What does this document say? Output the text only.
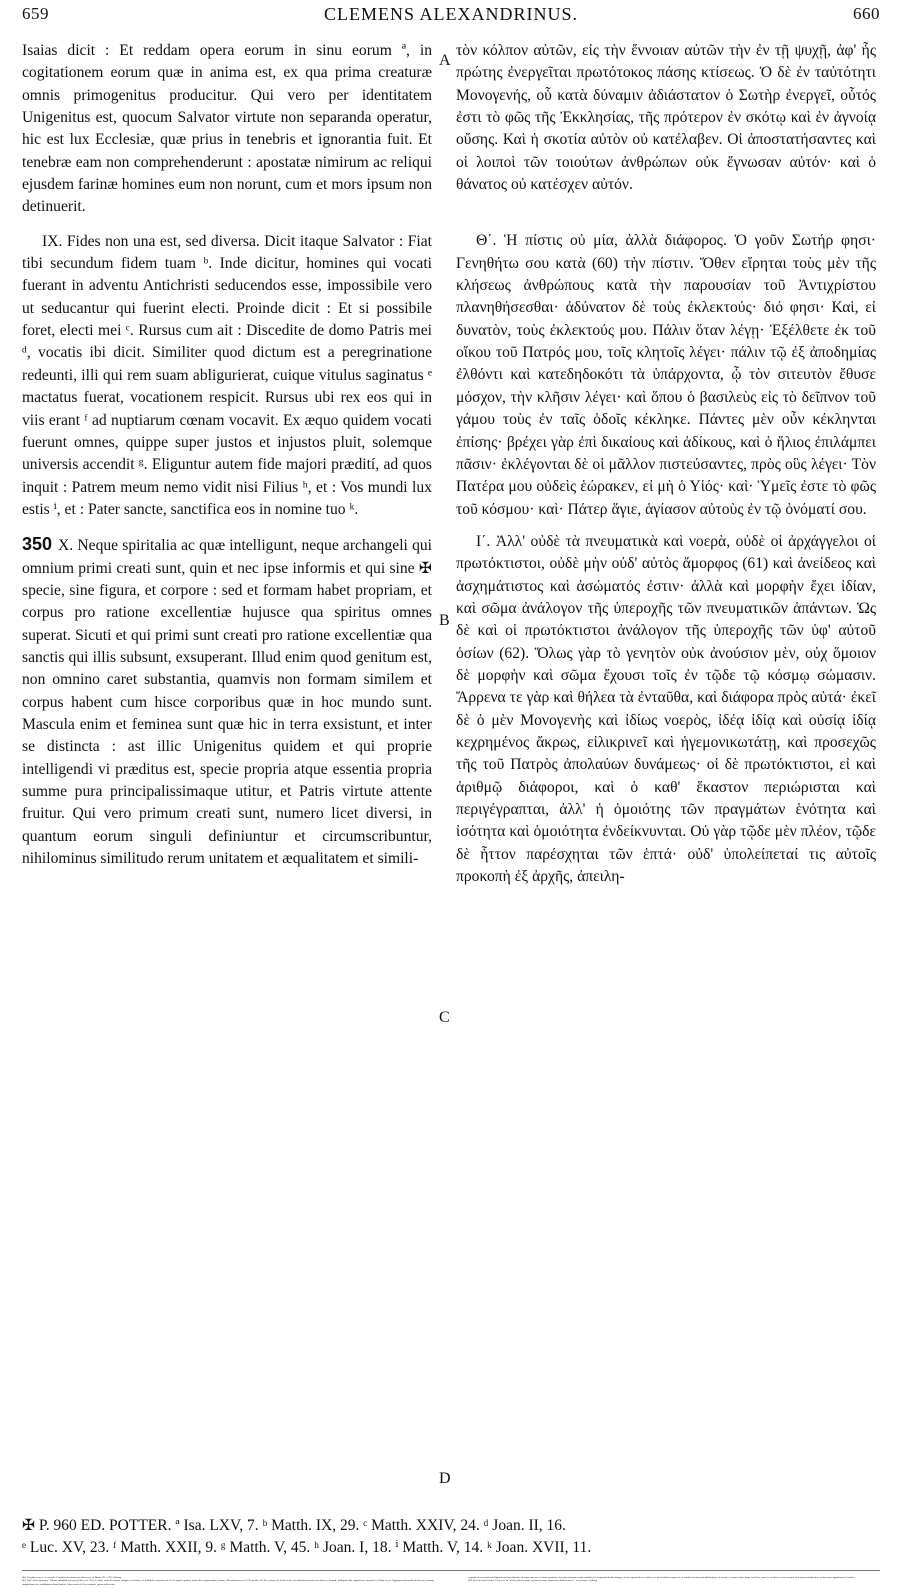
659	CLEMENS ALEXANDRINUS.	660

Isaias dicit : Et reddam opera eorum in sinu eorum ª, in cogitationem eorum quæ in anima est, ex qua prima creaturæ omnis primogenitus producitur. Qui vero per identitatem Unigenitus est, quocum Salvator virtute non separanda operatur, hic est lux Ecclesiæ, quæ prius in tenebris et ignorantia fuit. Et tenebræ eam non comprehenderunt : apostatæ nimirum ac reliqui ejusdem farinæ homines eum non norunt, cum et mors ipsum non detinuerit.

IX. Fides non una est, sed diversa. Dicit itaque Salvator : Fiat tibi secundum fidem tuam ᵇ. Inde dicitur, homines qui vocati fuerant in adventu Antichristi seducendos esse, impossibile vero ut seducantur qui fuerint electi. Proinde dicit : Et si possibile foret, electi mei ᶜ. Rursus cum ait : Discedite de domo Patris mei ᵈ, vocatis ibi dicit. Similiter quod dictum est a peregrinatione redeunti, illi qui rem suam abligurierat, cuique vitulus saginatus ᵉ mactatus fuerat, vocationem respicit. Rursus ubi rex eos qui in viis erant ᶠ ad nuptiarum cœnam vocavit. Ex æquo quidem vocati fuerunt omnes, quippe super justos et injustos pluit, solemque universis accendit ᵍ. Eliguntur autem fide majori prædití, ad quos inquit : Patrem meum nemo vidit nisi Filius ʰ, et : Vos mundi lux estis ⁱ, et : Pater sancte, sanctifica eos in nomine tuo ᵏ.

350 X. Neque spiritalia ac quæ intelligunt, neque archangeli qui omnium primi creati sunt, quin et nec ipse informis et qui sine ✠ specie, sine figura, et corpore : sed et formam habet propriam, et corpus pro ratione excellentiæ hujusce qua spiritus omnes superat. Sicuti et qui primi sunt creati pro ratione excellentiæ qua sanctis qui illis subsunt, exsuperant. Illud enim quod genitum est, non omnino caret substantia, quamvis non formam similem et corpus habent cum hisce corporibus quæ in hoc mundo sunt. Mascula enim et feminea sunt quæ hic in terra exsistunt, et inter se distincta : ast illic Unigenitus quidem et qui proprie intelligendi vi præditus est, specie propria atque essentia propria summe pura principalissimaque utitur, et Patris virtute attente fruitur. Qui vero primum creati sunt, numero licet diversi, in quantum eorum singuli definiuntur et circumscribuntur, nihilominus similitudo rerum unitatem et æqualitatem et simili-

A
B
C
D

τὸν κόλπον αὐτῶν, εἰς τὴν ἔννοιαν αὐτῶν τὴν ἐν τῇ ψυχῇ, ἀφ' ἧς πρώτης ἐνεργεῖται πρωτότοκος πάσης κτίσεως. Ὁ δὲ ἐν ταὐτότητι Μονογενής, οὗ κατὰ δύναμιν ἀδιάστατον ὁ Σωτὴρ ἐνεργεῖ, οὗτός ἐστι τὸ φῶς τῆς Ἐκκλησίας, τῆς πρότερον ἐν σκότῳ καὶ ἐν ἀγνοίᾳ οὔσης. Καὶ ἡ σκοτία αὐτὸν οὐ κατέλαβεν. Οἱ ἀποστατήσαντες καὶ οἱ λοιποὶ τῶν τοιούτων ἀνθρώπων οὐκ ἔγνωσαν αὐτόν· καὶ ὁ θάνατος οὐ κατέσχεν αὐτόν.

Θ΄. Ἡ πίστις οὐ μία, ἀλλὰ διάφορος. Ὁ γοῦν Σωτήρ φησι· Γενηθήτω σου κατὰ (60) τὴν πίστιν. Ὅθεν εἴρηται τοὺς μὲν τῆς κλήσεως ἀνθρώπους κατὰ τὴν παρουσίαν τοῦ Ἀντιχρίστου πλανηθήσεσθαι· ἀδύνατον δὲ τοὺς ἐκλεκτούς· διό φησι· Καὶ, εἰ δυνατὸν, τοὺς ἐκλεκτούς μου. Πάλιν ὅταν λέγῃ· Ἐξέλθετε ἐκ τοῦ οἴκου τοῦ Πατρός μου, τοῖς κλητοῖς λέγει· πάλιν τῷ ἐξ ἀποδημίας ἐλθόντι καὶ κατεδηδοκότι τὰ ὑπάρχοντα, ᾧ τὸν σιτευτὸν ἔθυσε μόσχον, τὴν κλῆσιν λέγει· καὶ ὅπου ὁ βασιλεὺς εἰς τὸ δεῖπνον τοῦ γάμου τοὺς ἐν ταῖς ὁδοῖς κέκληκε. Πάντες μὲν οὖν κέκληνται ἐπίσης· βρέχει γὰρ ἐπὶ δικαίους καὶ ἀδίκους, καὶ ὁ ἥλιος ἐπιλάμπει πᾶσιν· ἐκλέγονται δὲ οἱ μᾶλλον πιστεύσαντες, πρὸς οὓς λέγει· Τὸν Πατέρα μου οὐδεὶς ἑώρακεν, εἰ μὴ ὁ Υἱός· καὶ· Ὑμεῖς ἐστε τὸ φῶς τοῦ κόσμου· καὶ· Πάτερ ἅγιε, ἁγίασον αὐτοὺς ἐν τῷ ὀνόματί σου.

Ι΄. Ἀλλ' οὐδὲ τὰ πνευματικὰ καὶ νοερὰ, οὐδὲ οἱ ἀρχάγγελοι οἱ πρωτόκτιστοι, οὐδὲ μὴν οὐδ' αὐτὸς ἄμορφος (61) καὶ ἀνείδεος καὶ ἀσχημάτιστος καὶ ἀσώματός ἐστιν· ἀλλὰ καὶ μορφὴν ἔχει ἰδίαν, καὶ σῶμα ἀνάλογον τῆς ὑπεροχῆς τῶν πνευματικῶν ἁπάντων. Ὡς δὲ καὶ οἱ πρωτόκτιστοι ἀνάλογον τῆς ὑπεροχῆς τῶν ὑφ' αὐτοῦ ὁσίων (62). Ὅλως γὰρ τὸ γενητὸν οὐκ ἀνούσιον μὲν, οὐχ ὅμοιον δὲ μορφὴν καὶ σῶμα ἔχουσι τοῖς ἐν τῷδε τῷ κόσμῳ σώμασιν. Ἄρρενα τε γὰρ καὶ θήλεα τὰ ἐνταῦθα, καὶ διάφορα πρὸς αὐτά· ἐκεῖ δὲ ὁ μὲν Μονογενὴς καὶ ἰδίως νοερὸς, ἰδέᾳ ἰδίᾳ καὶ οὐσίᾳ ἰδίᾳ κεχρημένος ἄκρως, εἰλικρινεῖ καὶ ἡγεμονικωτάτῃ, καὶ προσεχῶς τῆς τοῦ Πατρὸς ἀπολαύων δυνάμεως· οἱ δὲ πρωτόκτιστοι, εἰ καὶ ἀριθμῷ διάφοροι, καὶ ὁ καθ' ἕκαστον περιώρισται καὶ περιγέγραπται, ἀλλ' ἡ ὁμοιότης τῶν πραγμάτων ἑνότητα καὶ ἰσότητα καὶ ὁμοιότητα ἐνδείκνυνται. Οὐ γὰρ τῷδε μὲν πλέον, τῷδε δὲ ἧττον παρέσχηται τῶν ἑπτά· οὐδ' ὑπολείπεταί τις αὐτοῖς προκοπὴ ἐξ ἀρχῆς, ἀπειλη-

✠ P. 960 ED. POTTER. ª Isa. LXV, 7. ᵇ Matth. IX, 29. ᶜ Matth. XXIV, 24. ᵈ Joan. II, 16.
ᵉ Luc. XV, 23. ᶠ Matth. XXII, 9. ᵍ Matth. V, 45. ʰ Joan. I, 18. ⁱ Matth. V, 14. ᵏ Joan. XVII, 11.

(60) Γενηθήτω σου κ. A. mavult : Γενηθήτω σοι κατὰ τὴν πίστιν σου, ut Matth. IX, et XV. Sylburg.

(61) Οὐδ' αὐτὸς ἄμορφος. Videtur subaudiri μονογενὴς Θεὸς vel Υἱός. Perinde enim illi corpus assignat et formam, ac quidquid corporum est. Et de angelis quidem haud aliter argumentatur Joannes Thessalonicensis in VII synodo. De Deo autem aut Verbo nemo est catholicorum qui non rideat ac despuat, quidquid olim simpliciores monachi in Nitria et per Ægyptum istiusmodi fæcibus per nimiam simplicitatem (ne stoliditatem dicam) potati. Altior nobis de Deo cogitatio, quem nullo sensu

corporis, ac ne mentis intelligentia nisi ipso donante ad seque trahente ac lumen præbente, tuncque etiam pro nostro modulo nec comprehendendo attingere liceat : quomodo nec videns nec quod videtur corpus est ex insulsa Gnosticorum philosophia, τὸ νοερὸν et νοητὸν idque longe excellens, quæ sic vocibus ex visu acceptis, ut sensuum nobilissimo, nostro more significamus. Combef.

(62) Τῶν ὑφ' αὐτοῦ ὁσίων. Forte τῶν ὑπ' αὐτοὺς ὁσίων eorum, qui sub eis sunt, sanctorum. Ibidem mox A., τὸ γεννητόν. Sylburg.
